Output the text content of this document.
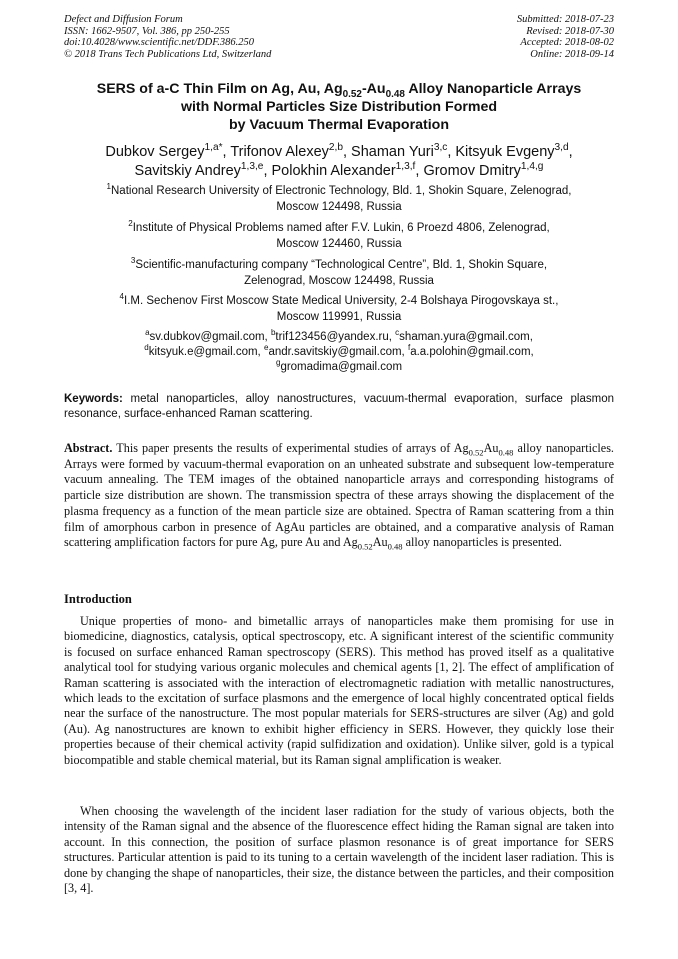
Defect and Diffusion Forum
ISSN: 1662-9507, Vol. 386, pp 250-255
doi:10.4028/www.scientific.net/DDF.386.250
© 2018 Trans Tech Publications Ltd, Switzerland
Submitted: 2018-07-23
Revised: 2018-07-30
Accepted: 2018-08-02
Online: 2018-09-14
SERS of a-C Thin Film on Ag, Au, $Ag_{0.52}-Au_{0.48}$ Alloy Nanoparticle Arrays
with Normal Particles Size Distribution Formed
by Vacuum Thermal Evaporation
Dubkov Sergey$^{1,a*}$, Trifonov Alexey$^{2,b}$, Shaman Yuri$^{3,c}$, Kitsyuk Evgeny$^{3,d}$,
Savitskiy Andrey$^{1,3,e}$, Polokhin Alexander$^{1,3,f}$, Gromov Dmitry$^{1,4,g}$
$^1$National Research University of Electronic Technology, Bld. 1, Shokin Square, Zelenograd,
Moscow 124498, Russia
$^2$Institute of Physical Problems named after F.V. Lukin, 6 Proezd 4806, Zelenograd,
Moscow 124460, Russia
$^3$Scientific-manufacturing company “Technological Centre”, Bld. 1, Shokin Square,
Zelenograd, Moscow 124498, Russia
$^4$I.M. Sechenov First Moscow State Medical University, 2-4 Bolshaya Pirogovskaya st.,
Moscow 119991, Russia
$^a$sv.dubkov@gmail.com, $^b$trif123456@yandex.ru, $^c$shaman.yura@gmail.com,
$^d$kitsyuk.e@gmail.com, $^e$andr.savitskiy@gmail.com, $^f$a.a.polohin@gmail.com,
$^g$gromadima@gmail.com
Keywords: metal nanoparticles, alloy nanostructures, vacuum-thermal evaporation, surface plasmon resonance, surface-enhanced Raman scattering.
Abstract. This paper presents the results of experimental studies of arrays of $Ag_{0.52}Au_{0.48}$ alloy nanoparticles. Arrays were formed by vacuum-thermal evaporation on an unheated substrate and subsequent low-temperature vacuum annealing. The TEM images of the obtained nanoparticle arrays and corresponding histograms of particle size distribution are shown. The transmission spectra of these arrays showing the displacement of the plasma frequency as a function of the mean particle size are obtained. Spectra of Raman scattering from a thin film of amorphous carbon in presence of AgAu particles are obtained, and a comparative analysis of Raman scattering amplification factors for pure Ag, pure Au and $Ag_{0.52}Au_{0.48}$ alloy nanoparticles is presented.
Introduction
Unique properties of mono- and bimetallic arrays of nanoparticles make them promising for use in biomedicine, diagnostics, catalysis, optical spectroscopy, etc. A significant interest of the scientific community is focused on surface enhanced Raman spectroscopy (SERS). This method has proved itself as a qualitative analytical tool for studying various organic molecules and chemical agents [1, 2]. The effect of amplification of Raman scattering is associated with the interaction of electromagnetic radiation with metallic nanostructures, which leads to the excitation of surface plasmons and the emergence of local highly concentrated optical fields near the surface of the nanostructure. The most popular materials for SERS-structures are silver (Ag) and gold (Au). Ag nanostructures are known to exhibit higher efficiency in SERS. However, they quickly lose their properties because of their chemical activity (rapid sulfidization and oxidation). Unlike silver, gold is a typical biocompatible and stable chemical material, but its Raman signal amplification is weaker.
When choosing the wavelength of the incident laser radiation for the study of various objects, both the intensity of the Raman signal and the absence of the fluorescence effect hiding the Raman signal are taken into account. In this connection, the position of surface plasmon resonance is of great importance for SERS structures. Particular attention is paid to its tuning to a certain wavelength of the incident laser radiation. This is done by changing the shape of nanoparticles, their size, the distance between the particles, and their composition [3, 4].
